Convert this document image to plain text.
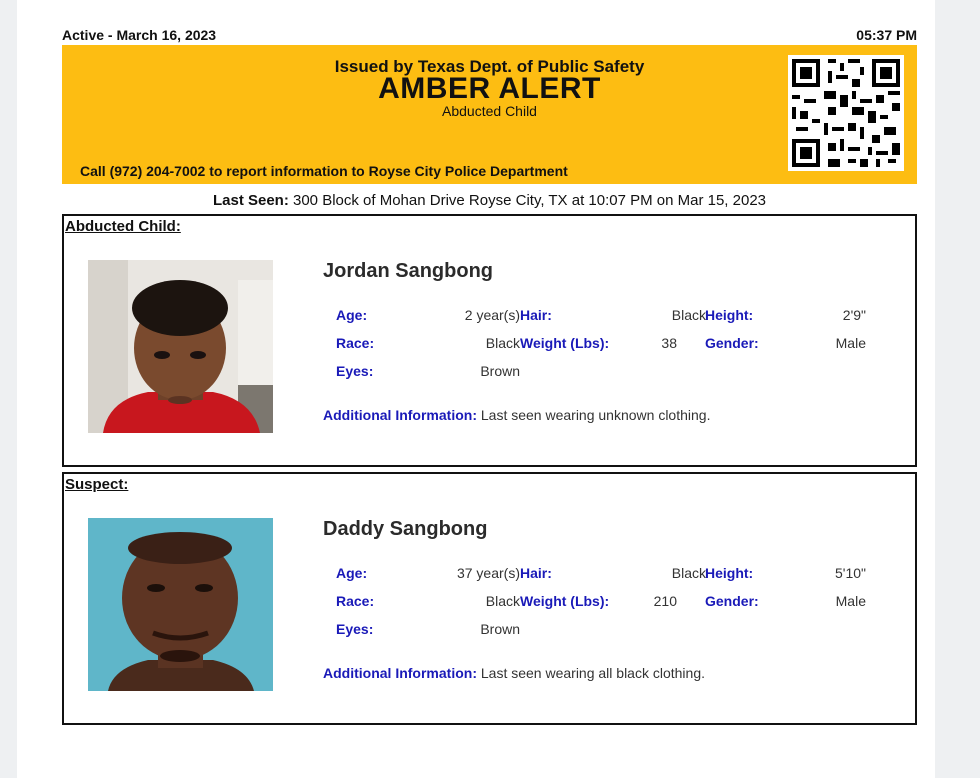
Active - March 16, 2023	05:37 PM
Issued by Texas Dept. of Public Safety
AMBER ALERT
Abducted Child
Call (972) 204-7002 to report information to Royse City Police Department
Last Seen: 300 Block of Mohan Drive Royse City, TX at 10:07 PM on Mar 15, 2023
Jordan Sangbong
Age:	2 year(s) Hair:	Black Height:	2'9"
Race:	Black Weight (Lbs):	38 Gender:	Male
Eyes:	Brown
Additional Information: Last seen wearing unknown clothing.
Abducted Child:
Daddy Sangbong
Age:	37 year(s) Hair:	Black Height:	5'10"
Race:	Black Weight (Lbs):	210 Gender:	Male
Eyes:	Brown
Additional Information: Last seen wearing all black clothing.
Suspect:
